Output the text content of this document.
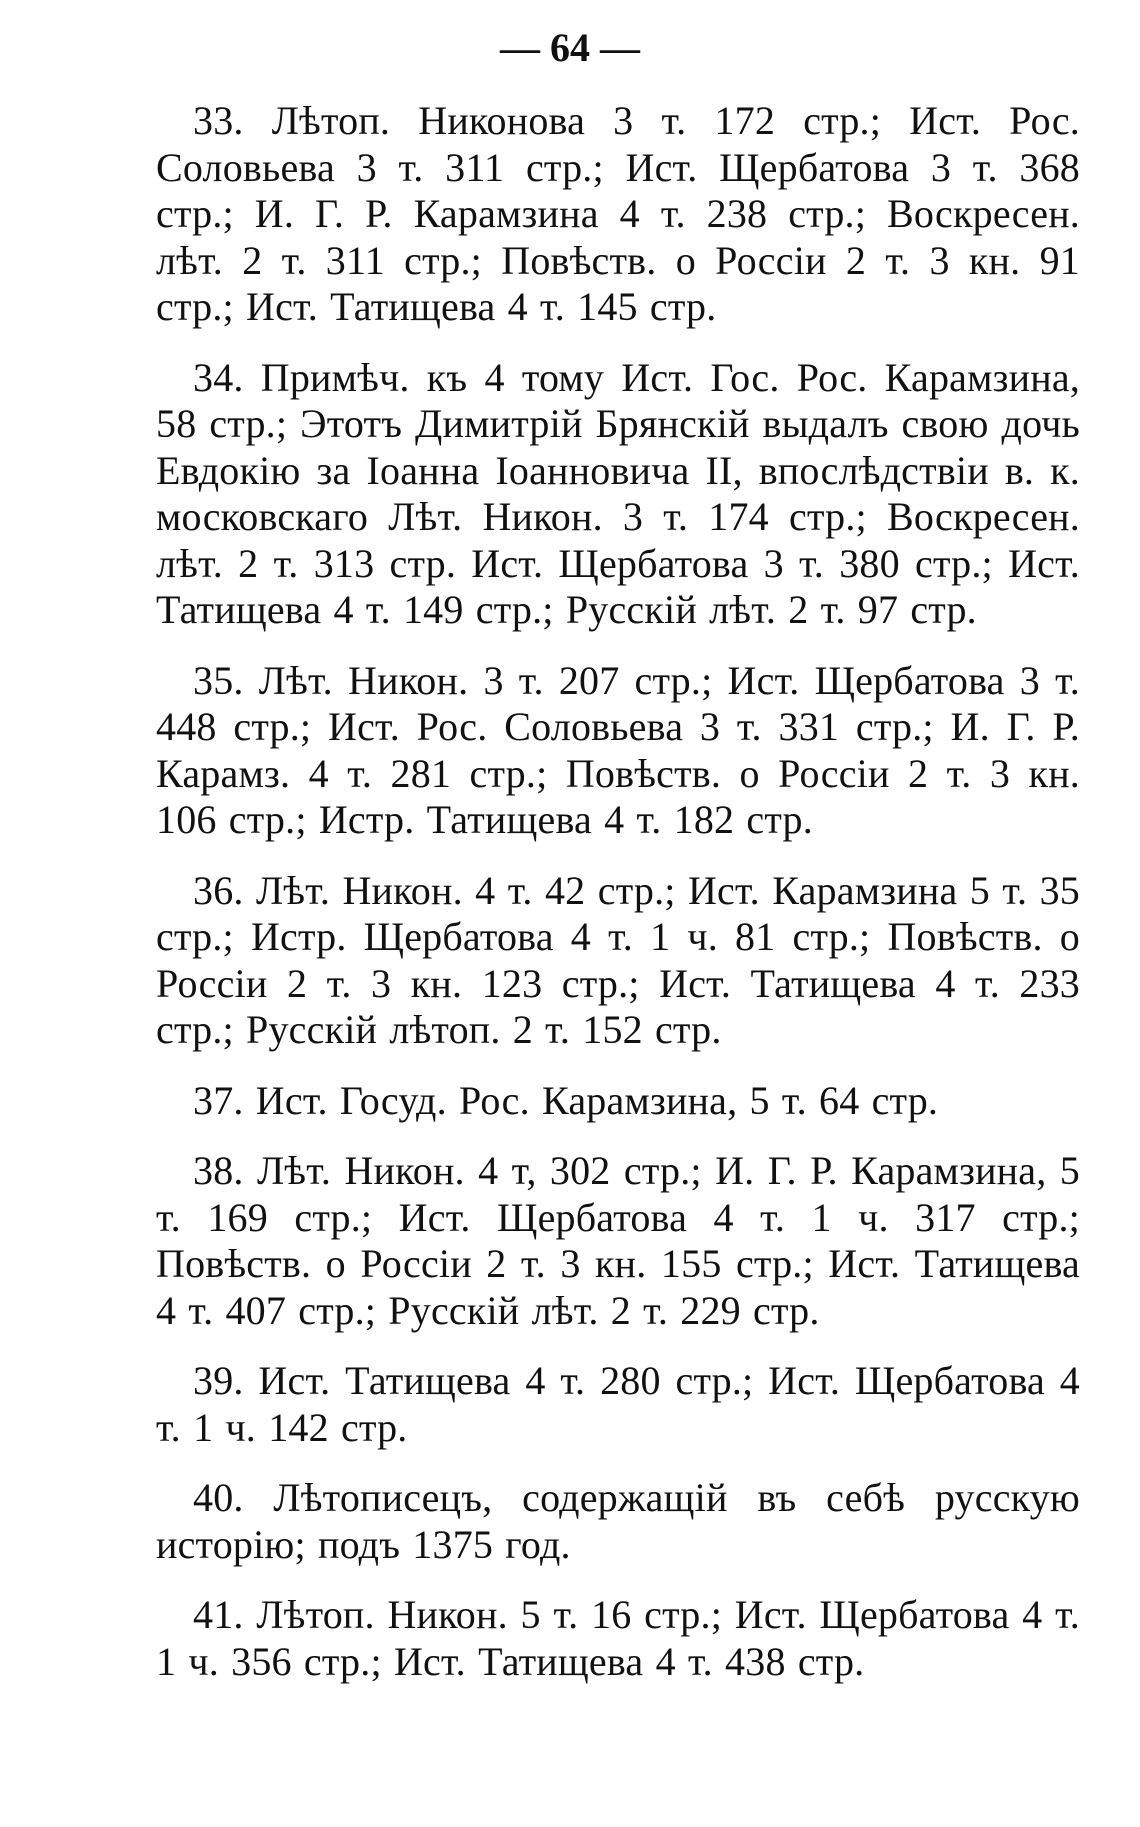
— 64 —

33. Лѣтоп. Никонова 3 т. 172 стр.; Ист. Рос. Соловьева 3 т. 311 стр.; Ист. Щербатова 3 т. 368 стр.; И. Г. Р. Карамзина 4 т. 238 стр.; Воскресен. лѣт. 2 т. 311 стр.; Повѣств. о Россіи 2 т. 3 кн. 91 стр.; Ист. Татищева 4 т. 145 стр.

34. Примѣч. къ 4 тому Ист. Гос. Рос. Карамзина, 58 стр.; Этотъ Димитрій Брянскій выдалъ свою дочь Евдокію за Іоанна Іоанновича II, впослѣдствіи в. к. московскаго Лѣт. Никон. 3 т. 174 стр.; Воскресен. лѣт. 2 т. 313 стр. Ист. Щербатова 3 т. 380 стр.; Ист. Татищева 4 т. 149 стр.; Русскій лѣт. 2 т. 97 стр.

35. Лѣт. Никон. 3 т. 207 стр.; Ист. Щербатова 3 т. 448 стр.; Ист. Рос. Соловьева 3 т. 331 стр.; И. Г. Р. Карамз. 4 т. 281 стр.; Повѣств. о Россіи 2 т. 3 кн. 106 стр.; Истр. Татищева 4 т. 182 стр.

36. Лѣт. Никон. 4 т. 42 стр.; Ист. Карамзина 5 т. 35 стр.; Истр. Щербатова 4 т. 1 ч. 81 стр.; Повѣств. о Россіи 2 т. 3 кн. 123 стр.; Ист. Татищева 4 т. 233 стр.; Русскій лѣтоп. 2 т. 152 стр.

37. Ист. Госуд. Рос. Карамзина, 5 т. 64 стр.

38. Лѣт. Никон. 4 т, 302 стр.; И. Г. Р. Карамзина, 5 т. 169 стр.; Ист. Щербатова 4 т. 1 ч. 317 стр.; Повѣств. о Россіи 2 т. 3 кн. 155 стр.; Ист. Татищева 4 т. 407 стр.; Русскій лѣт. 2 т. 229 стр.

39. Ист. Татищева 4 т. 280 стр.; Ист. Щербатова 4 т. 1 ч. 142 стр.

40. Лѣтописецъ, содержащій въ себѣ русскую исторію; подъ 1375 год.

41. Лѣтоп. Никон. 5 т. 16 стр.; Ист. Щербатова 4 т. 1 ч. 356 стр.; Ист. Татищева 4 т. 438 стр.
